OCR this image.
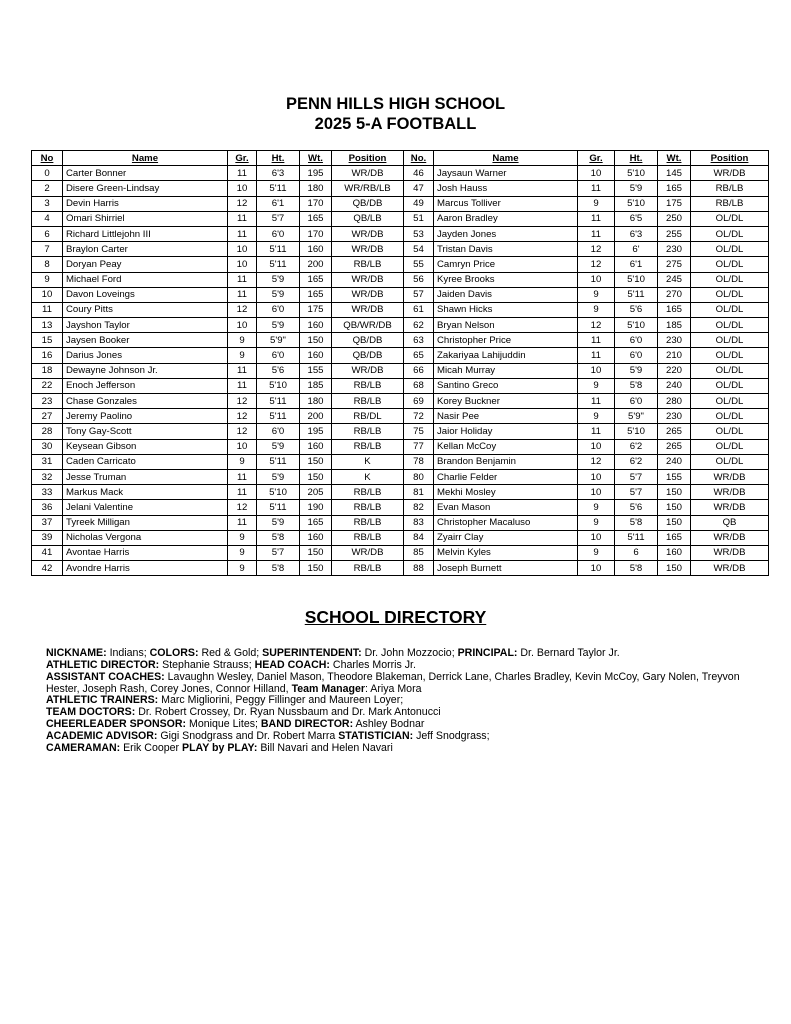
PENN HILLS HIGH SCHOOL
2025 5-A FOOTBALL
No	Name	Gr.	Ht.	Wt.	Position	No.	Name	Gr.	Ht.	Wt.	Position
0	Carter Bonner	11	6'3	195	WR/DB	46	Jaysaun Warner	10	5'10	145	WR/DB
2	Disere Green-Lindsay	10	5'11	180	WR/RB/LB	47	Josh Hauss	11	5'9	165	RB/LB
3	Devin Harris	12	6'1	170	QB/DB	49	Marcus Tolliver	9	5'10	175	RB/LB
4	Omari Shirriel	11	5'7	165	QB/LB	51	Aaron Bradley	11	6'5	250	OL/DL
6	Richard Littlejohn III	11	6'0	170	WR/DB	53	Jayden Jones	11	6'3	255	OL/DL
7	Braylon Carter	10	5'11	160	WR/DB	54	Tristan Davis	12	6'	230	OL/DL
8	Doryan Peay	10	5'11	200	RB/LB	55	Camryn Price	12	6'1	275	OL/DL
9	Michael Ford	11	5'9	165	WR/DB	56	Kyree Brooks	10	5'10	245	OL/DL
10	Davon Loveings	11	5'9	165	WR/DB	57	Jaiden Davis	9	5'11	270	OL/DL
11	Coury Pitts	12	6'0	175	WR/DB	61	Shawn Hicks	9	5'6	165	OL/DL
13	Jayshon Taylor	10	5'9	160	QB/WR/DB	62	Bryan Nelson	12	5'10	185	OL/DL
15	Jaysen Booker	9	5'9"	150	QB/DB	63	Christopher Price	11	6'0	230	OL/DL
16	Darius Jones	9	6'0	160	QB/DB	65	Zakariyaa Lahijuddin	11	6'0	210	OL/DL
18	Dewayne Johnson Jr.	11	5'6	155	WR/DB	66	Micah Murray	10	5'9	220	OL/DL
22	Enoch Jefferson	11	5'10	185	RB/LB	68	Santino Greco	9	5'8	240	OL/DL
23	Chase Gonzales	12	5'11	180	RB/LB	69	Korey Buckner	11	6'0	280	OL/DL
27	Jeremy Paolino	12	5'11	200	RB/DL	72	Nasir Pee	9	5'9"	230	OL/DL
28	Tony Gay-Scott	12	6'0	195	RB/LB	75	Jaior Holiday	11	5'10	265	OL/DL
30	Keysean Gibson	10	5'9	160	RB/LB	77	Kellan McCoy	10	6'2	265	OL/DL
31	Caden Carricato	9	5'11	150	K	78	Brandon Benjamin	12	6'2	240	OL/DL
32	Jesse Truman	11	5'9	150	K	80	Charlie Felder	10	5'7	155	WR/DB
33	Markus Mack	11	5'10	205	RB/LB	81	Mekhi Mosley	10	5'7	150	WR/DB
36	Jelani Valentine	12	5'11	190	RB/LB	82	Evan Mason	9	5'6	150	WR/DB
37	Tyreek Milligan	11	5'9	165	RB/LB	83	Christopher Macaluso	9	5'8	150	QB
39	Nicholas Vergona	9	5'8	160	RB/LB	84	Zyairr Clay	10	5'11	165	WR/DB
41	Avontae Harris	9	5'7	150	WR/DB	85	Melvin Kyles	9	6	160	WR/DB
42	Avondre Harris	9	5'8	150	RB/LB	88	Joseph Burnett	10	5'8	150	WR/DB
SCHOOL DIRECTORY

NICKNAME: Indians; COLORS: Red & Gold; SUPERINTENDENT: Dr. John Mozzocio; PRINCIPAL: Dr. Bernard Taylor Jr.

ATHLETIC DIRECTOR: Stephanie Strauss; HEAD COACH: Charles Morris Jr.

ASSISTANT COACHES: Lavaughn Wesley, Daniel Mason, Theodore Blakeman, Derrick Lane, Charles Bradley, Kevin McCoy, Gary Nolen, Treyvon Hester, Joseph Rash, Corey Jones, Connor Hilland, Team Manager: Ariya Mora

ATHLETIC TRAINERS: Marc Migliorini, Peggy Fillinger and Maureen Loyer;

TEAM DOCTORS: Dr. Robert Crossey, Dr. Ryan Nussbaum and Dr. Mark Antonucci

CHEERLEADER SPONSOR: Monique Lites; BAND DIRECTOR: Ashley Bodnar

ACADEMIC ADVISOR: Gigi Snodgrass and Dr. Robert Marra STATISTICIAN: Jeff Snodgrass;

CAMERAMAN: Erik Cooper PLAY by PLAY: Bill Navari and Helen Navari
